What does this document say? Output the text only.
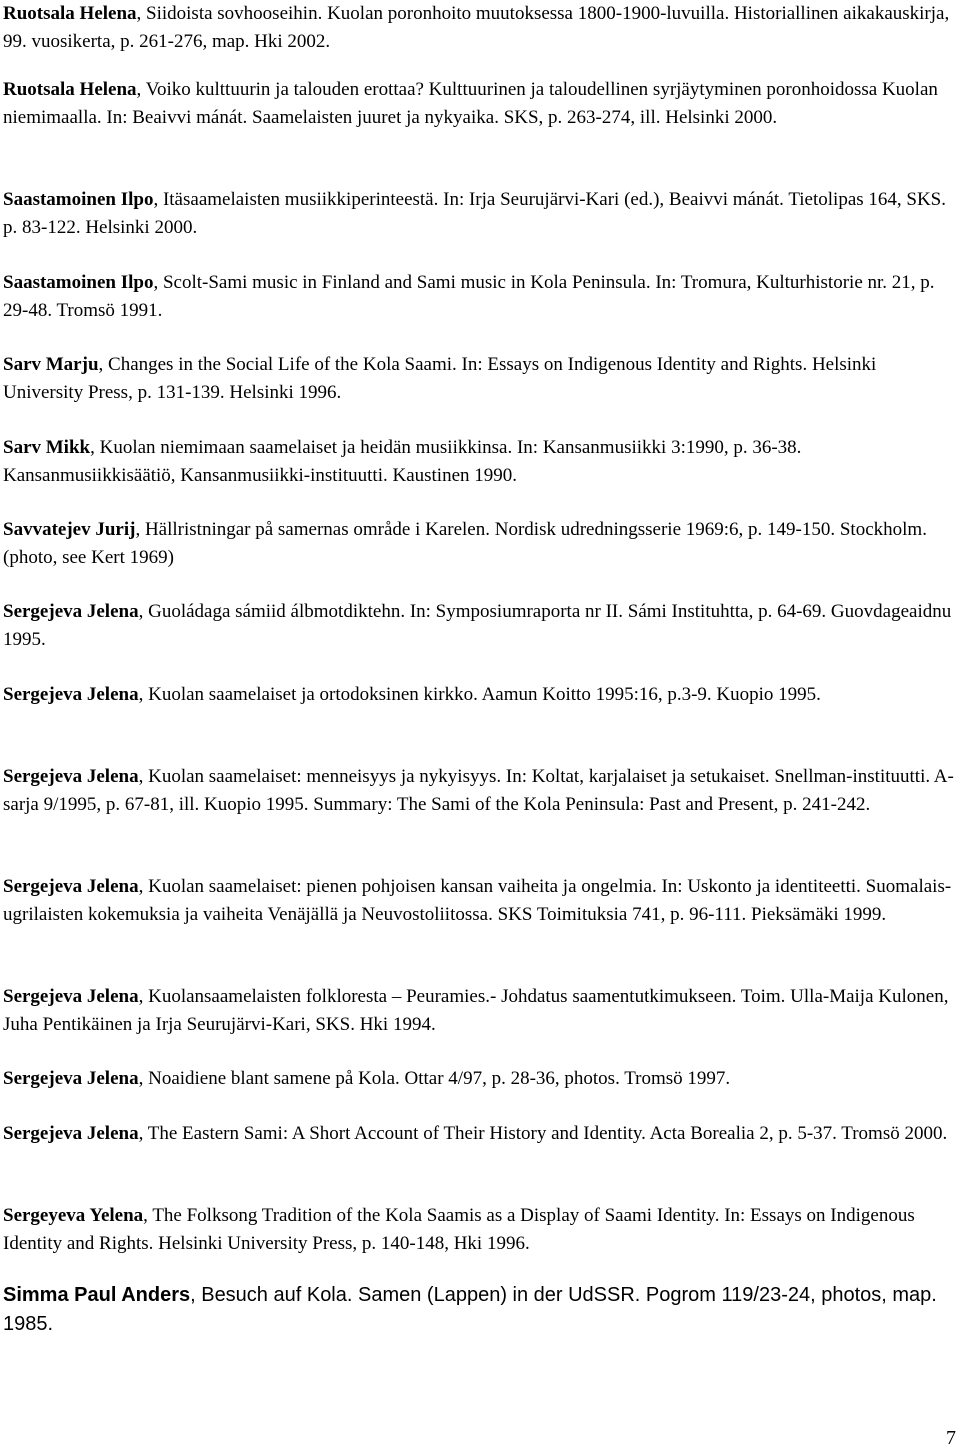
Ruotsala Helena, Siidoista sovhooseihin. Kuolan poronhoito muutoksessa 1800-1900-luvuilla. Historiallinen aikakauskirja, 99. vuosikerta, p. 261-276, map. Hki 2002.

Ruotsala Helena, Voiko kulttuurin ja talouden erottaa? Kulttuurinen ja taloudellinen syrjäytyminen poronhoidossa Kuolan niemimaalla. In: Beaivvi mánát. Saamelaisten juuret ja nykyaika. SKS, p. 263-274, ill. Helsinki 2000.

Saastamoinen Ilpo, Itäsaamelaisten musiikkiperinteestä. In: Irja Seurujärvi-Kari (ed.), Beaivvi mánát. Tietolipas 164, SKS. p. 83-122. Helsinki 2000.

Saastamoinen Ilpo, Scolt-Sami music in Finland and Sami music in Kola Peninsula. In: Tromura, Kulturhistorie nr. 21, p. 29-48. Tromsö 1991.

Sarv Marju, Changes in the Social Life of the Kola Saami. In: Essays on Indigenous Identity and Rights. Helsinki University Press, p. 131-139. Helsinki 1996.

Sarv Mikk, Kuolan niemimaan saamelaiset ja heidän musiikkinsa. In: Kansanmusiikki 3:1990, p. 36-38. Kansanmusiikkisäätiö, Kansanmusiikki-instituutti. Kaustinen 1990.

Savvatejev Jurij, Hällristningar på samernas område i Karelen. Nordisk udredningsserie 1969:6, p. 149-150. Stockholm. (photo, see Kert 1969)

Sergejeva Jelena, Guoládaga sámiid álbmotdiktehn. In: Symposiumraporta nr II. Sámi Instituhtta, p. 64-69. Guovdageaidnu 1995.

Sergejeva Jelena, Kuolan saamelaiset ja ortodoksinen kirkko. Aamun Koitto 1995:16, p.3-9. Kuopio 1995.

Sergejeva Jelena, Kuolan saamelaiset: menneisyys ja nykyisyys. In: Koltat, karjalaiset ja setukaiset. Snellman-instituutti. A-sarja 9/1995, p. 67-81, ill. Kuopio 1995. Summary: The Sami of the Kola Peninsula: Past and Present, p. 241-242.

Sergejeva Jelena, Kuolan saamelaiset: pienen pohjoisen kansan vaiheita ja ongelmia. In: Uskonto ja identiteetti. Suomalais-ugrilaisten kokemuksia ja vaiheita Venäjällä ja Neuvostoliitossa. SKS Toimituksia 741, p. 96-111. Pieksämäki 1999.

Sergejeva Jelena, Kuolansaamelaisten folkloresta – Peuramies.- Johdatus saamentutkimukseen. Toim. Ulla-Maija Kulonen, Juha Pentikäinen ja Irja Seurujärvi-Kari, SKS. Hki 1994.

Sergejeva Jelena, Noaidiene blant samene på Kola. Ottar 4/97, p. 28-36, photos. Tromsö 1997.

Sergejeva Jelena, The Eastern Sami: A Short Account of Their History and Identity. Acta Borealia 2, p. 5-37. Tromsö 2000.

Sergeyeva Yelena, The Folksong Tradition of the Kola Saamis as a Display of Saami Identity. In: Essays on Indigenous Identity and Rights. Helsinki University Press, p. 140-148, Hki 1996.

Simma Paul Anders, Besuch auf Kola. Samen (Lappen) in der UdSSR. Pogrom 119/23-24, photos, map. 1985.

7
